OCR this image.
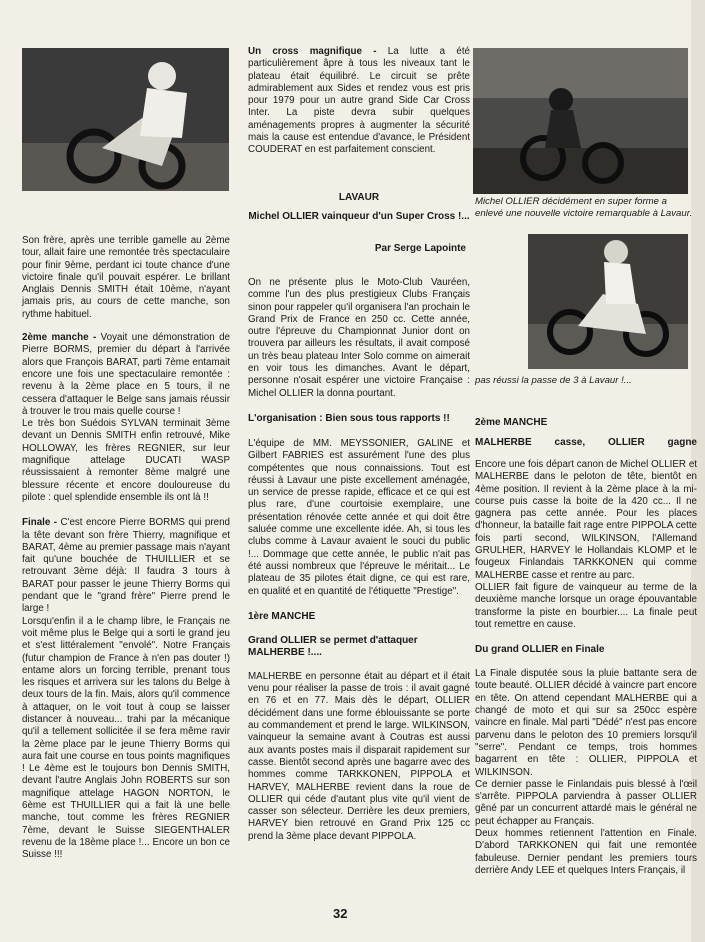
Son frère, après une terrible gamelle au 2ème tour, allait faire une remontée très spectaculaire pour finir 9ème, perdant ici toute chance d'une victoire finale qu'il pouvait espérer. Le brillant Anglais Dennis SMITH était 10ème, n'ayant jamais pris, au cours de cette manche, son rythme habituel.

2ème manche - Voyait une démonstration de Pierre BORMS, premier du départ à l'arrivée alors que François BARAT, parti 7ème entamait encore une fois une spectaculaire remontée : revenu à la 2ème place en 5 tours, il ne cessera d'attaquer le Belge sans jamais réussir à trouver le trou mais quelle course !

Le très bon Suédois SYLVAN terminait 3ème devant un Dennis SMITH enfin retrouvé, Mike HOLLOWAY, les frères REGNIER, sur leur magnifique attelage DUCATI WASP réussissaient à remonter 8ème malgré une blessure récente et encore douloureuse du pilote : quel splendide ensemble ils ont là !!

Finale - C'est encore Pierre BORMS qui prend la tête devant son frère Thierry, magnifique et BARAT, 4ème au premier passage mais n'ayant fait qu'une bouchée de THUILLIER et se retrouvant 3ème déjà: Il faudra 3 tours à BARAT pour passer le jeune Thierry Borms qui pendant que le "grand frère" Pierre prend le large !

Lorsqu'enfin il a le champ libre, le Français ne voit même plus le Belge qui a sorti le grand jeu et s'est littéralement "envolé". Notre Français (futur champion de France à n'en pas douter !) entame alors un forcing terrible, prenant tous les risques et arrivera sur les talons du Belge à deux tours de la fin. Mais, alors qu'il commence à attaquer, on le voit tout à coup se laisser distancer à nouveau... trahi par la mécanique qu'il a tellement sollicitée il se fera même ravir la 2ème place par le jeune Thierry Borms qui aura fait une course en tous points magnifiques ! Le 4ème est le toujours bon Dennis SMITH, devant l'autre Anglais John ROBERTS sur son magnifique attelage HAGON NORTON, le 6ème est THUILLIER qui a fait là une belle manche, tout comme les frères REGNIER 7ème, devant le Suisse SIEGENTHALER revenu de la 18ème place !... Encore un bon ce Suisse !!!

Un cross magnifique - La lutte a été particulièrement âpre à tous les niveaux tant le plateau était équilibré. Le circuit se prête admirablement aux Sides et rendez vous est pris pour 1979 pour un autre grand Side Car Cross Inter. La piste devra subir quelques aménagements propres à augmenter la sécurité mais la cause est entendue d'avance, le Président COUDERAT en est parfaitement conscient.

LAVAUR
Michel OLLIER vainqueur d'un Super Cross !...
Par Serge Lapointe

On ne présente plus le Moto-Club Vauréen, comme l'un des plus prestigieux Clubs Français sinon pour rappeler qu'il organisera l'an prochain le Grand Prix de France en 250 cc. Cette année, outre l'épreuve du Championnat Junior dont on trouvera par ailleurs les résultats, il avait composé un très beau plateau Inter Solo comme on aimerait en voir tous les dimanches. Avant le départ, personne n'osait espérer une victoire Française : Michel OLLIER la donna pourtant.

L'organisation : Bien sous tous rapports !!

L'équipe de MM. MEYSSONIER, GALINE et Gilbert FABRIES est assurément l'une des plus compétentes que nous connaissions. Tout est réussi à Lavaur une piste excellement aménagée, un service de presse rapide, efficace et ce qui est plus rare, d'une courtoisie exemplaire, une présentation rénovée cette année et qui doit être saluée comme une excellente idée. Ah, si tous les clubs comme à Lavaur avaient le souci du public !... Dommage que cette année, le public n'ait pas été aussi nombreux que l'épreuve le méritait... Le plateau de 35 pilotes était digne, ce qui est rare, en qualité et en quantité de l'étiquette "Prestige".

1ère MANCHE
Grand OLLIER se permet d'attaquer MALHERBE !....

MALHERBE en personne était au départ et il était venu pour réaliser la passe de trois : il avait gagné en 76 et en 77. Mais dès le départ, OLLIER décidément dans une forme éblouissante se porte au commandement et prend le large. WILKINSON, vainqueur la semaine avant à Coutras est aussi aux avants postes mais il disparait rapidement sur casse. Bientôt second après une bagarre avec des hommes comme TARKKONEN, PIPPOLA et HARVEY, MALHERBE revient dans la roue de OLLIER qui céde d'autant plus vite qu'il vient de casser son sélecteur. Derrière les deux premiers, HARVEY bien retrouvé en Grand Prix 125 cc prend la 3ème place devant PIPPOLA.

Michel OLLIER décidément en super forme a enlevé une nouvelle victoire remarquable à Lavaur.
pas réussi la passe de 3 à Lavaur !...
2ème MANCHE
MALHERBE casse, OLLIER gagne

Encore une fois départ canon de Michel OLLIER et MALHERBE dans le peloton de tête, bientôt en 4ème position. Il revient à la 2ème place à la mi-course puis casse la boite de la 420 cc... Il ne gagnera pas cette année. Pour les places d'honneur, la bataille fait rage entre PIPPOLA cette fois parti second, WILKINSON, l'Allemand GRULHER, HARVEY le Hollandais KLOMP et le fougeux Finlandais TARKKONEN qui comme MALHERBE casse et rentre au parc.

OLLIER fait figure de vainqueur au terme de la deuxième manche lorsque un orage épouvantable transforme la piste en bourbier.... La finale peut tout remettre en cause.

Du grand OLLIER en Finale

La Finale disputée sous la pluie battante sera de toute beauté. OLLIER décidé à vaincre part encore en tête. On attend cependant MALHERBE qui a changé de moto et qui sur sa 250cc espère vaincre en finale. Mal parti "Dédé" n'est pas encore parvenu dans le peloton des 10 premiers lorsqu'il "serre". Pendant ce temps, trois hommes bagarrent en tête : OLLIER, PIPPOLA et WILKINSON.

Ce dernier passe le Finlandais puis blessé à l'œil s'arrête. PIPPOLA parviendra à passer OLLIER gêné par un concurrent attardé mais le général ne peut échapper au Français.

Deux hommes retiennent l'attention en Finale. D'abord TARKKONEN qui fait une remontée fabuleuse. Dernier pendant les premiers tours derrière Andy LEE et quelques Inters Français, il

32
